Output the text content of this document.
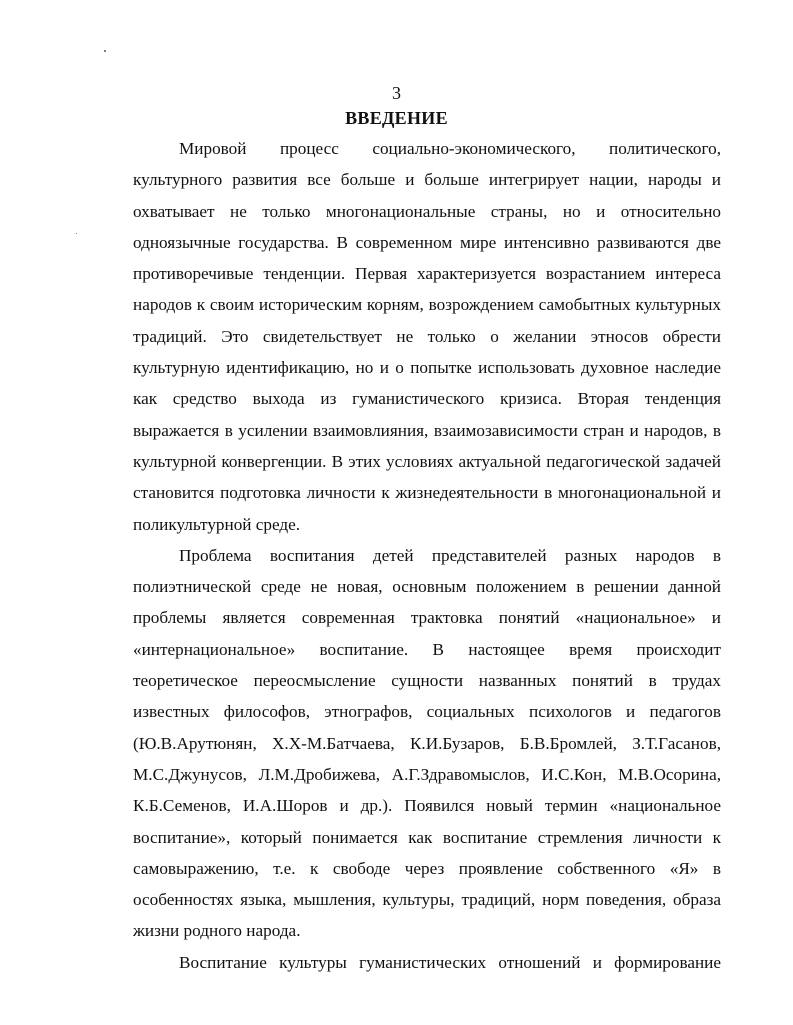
3
ВВЕДЕНИЕ
Мировой процесс социально-экономического, политического,
культурного развития все больше и больше интегрирует нации, народы и
охватывает не только многонациональные страны, но и относительно
одноязычные государства. В современном мире интенсивно развиваются две
противоречивые тенденции. Первая характеризуется возрастанием интереса
народов к своим историческим корням, возрождением самобытных культурных
традиций. Это свидетельствует не только о желании этносов обрести
культурную идентификацию, но и о попытке использовать духовное наследие
как средство выхода из гуманистического кризиса. Вторая тенденция
выражается в усилении взаимовлияния, взаимозависимости стран и народов, в
культурной конвергенции. В этих условиях актуальной педагогической задачей
становится подготовка личности к жизнедеятельности в многонациональной и
поликультурной среде.
Проблема воспитания детей представителей разных народов в
полиэтнической среде не новая, основным положением в решении данной
проблемы является современная трактовка понятий «национальное» и
«интернациональное» воспитание. В настоящее время происходит
теоретическое переосмысление сущности названных понятий в трудах
известных философов, этнографов, социальных психологов и педагогов
(Ю.В.Арутюнян, Х.Х-М.Батчаева, К.И.Бузаров, Б.В.Бромлей, З.Т.Гасанов,
М.С.Джунусов, Л.М.Дробижева, А.Г.Здравомыслов, И.С.Кон, М.В.Осорина,
К.Б.Семенов, И.А.Шоров и др.). Появился новый термин «национальное
воспитание», который понимается как воспитание стремления личности к
самовыражению, т.е. к свободе через проявление собственного «Я» в
особенностях языка, мышления, культуры, традиций, норм поведения, образа
жизни родного народа.
Воспитание культуры гуманистических отношений и формирование
